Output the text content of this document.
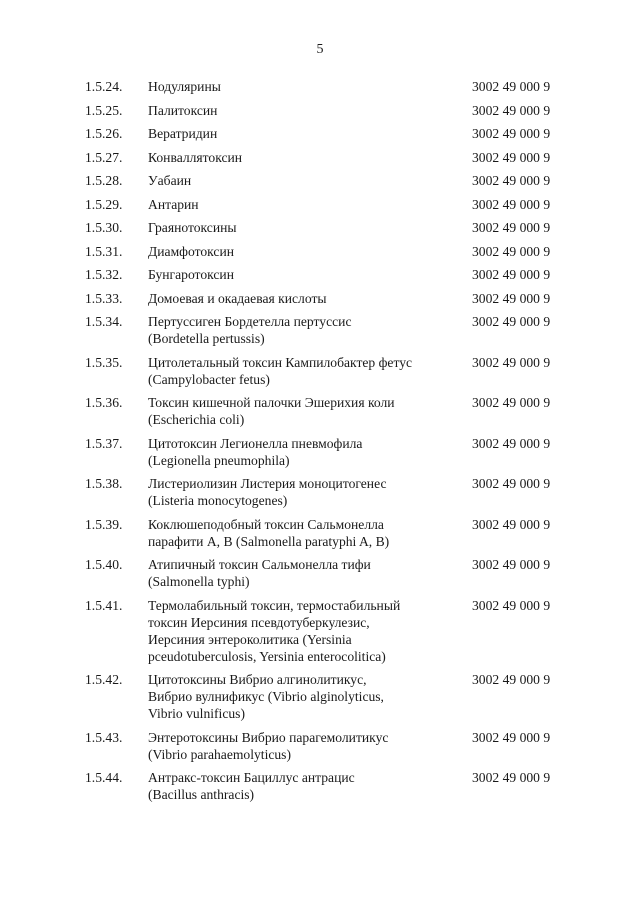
5
1.5.24. Нодулярины	3002 49 000 9
1.5.25. Палитоксин	3002 49 000 9
1.5.26. Вератридин	3002 49 000 9
1.5.27. Конваллятоксин	3002 49 000 9
1.5.28. Уабаин	3002 49 000 9
1.5.29. Антарин	3002 49 000 9
1.5.30. Граянотоксины	3002 49 000 9
1.5.31. Диамфотоксин	3002 49 000 9
1.5.32. Бунгаротоксин	3002 49 000 9
1.5.33. Домоевая и окадаевая кислоты	3002 49 000 9
1.5.34. Пертуссиген Бордетелла пертуссис
(Bordetella pertussis)
3002 49 000 9
1.5.35. Цитолетальный токсин Кампилобактер фетус
(Campylobacter fetus)
3002 49 000 9
1.5.36. Токсин кишечной палочки Эшерихия коли
(Escherichia coli)
3002 49 000 9
1.5.37. Цитотоксин Легионелла пневмофила
(Legionella pneumophila)
3002 49 000 9
1.5.38. Листериолизин Листерия моноцитогенес
(Listeria monocytogenes)
3002 49 000 9
1.5.39. Коклюшеподобный токсин Сальмонелла
парафити А, В (Salmonella paratyphi A, B)
3002 49 000 9
1.5.40. Атипичный токсин Сальмонелла тифи
(Salmonella typhi)
3002 49 000 9
1.5.41. Термолабильный токсин, термостабильный
токсин Иерсиния псевдотуберкулезис,
Иерсиния энтероколитика (Yersinia
pceudotuberculosis, Yersinia enterocolitica)
3002 49 000 9
1.5.42. Цитотоксины Вибрио алгинолитикус,
Вибрио вулнификус (Vibrio alginolyticus,
Vibrio vulnificus)
3002 49 000 9
1.5.43. Энтеротоксины Вибрио парагемолитикус
(Vibrio parahaemolyticus)
3002 49 000 9
1.5.44. Антракс-токсин Бациллус антрацис
(Bacillus anthracis)
3002 49 000 9
